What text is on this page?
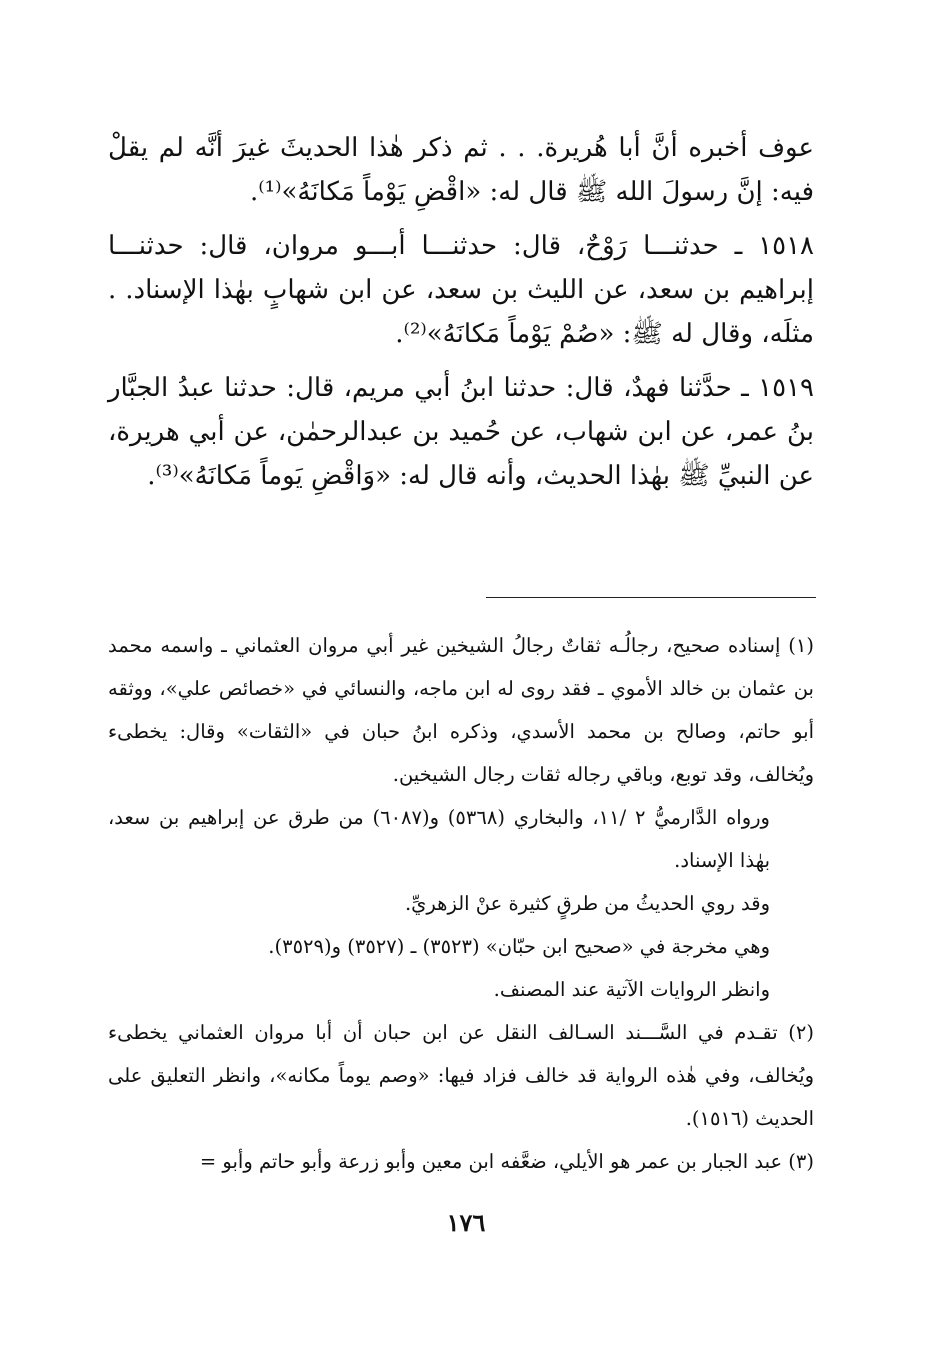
عوف أخبره أنَّ أبا هُريرة. . . ثم ذكر هٰذا الحديثَ غيرَ أنَّه لم يقلْ فيه: إنَّ رسولَ الله ﷺ قال له: «اقْضِ يَوْماً مَكانَهُ»⁽¹⁾.

١٥١٨ ـ حدثنـــا رَوْحٌ، قال: حدثنـــا أبـــو مروان، قال: حدثنـــا إبراهيم بن سعد، عن الليث بن سعد، عن ابن شهابٍ بهٰذا الإسناد. . مثلَه، وقال له ﷺ: «صُمْ يَوْماً مَكانَهُ»⁽²⁾.

١٥١٩ ـ حدَّثنا فهدٌ، قال: حدثنا ابنُ أبي مريم، قال: حدثنا عبدُ الجبَّار بنُ عمر، عن ابن شهاب، عن حُميد بن عبدالرحمٰن، عن أبي هريرة، عن النبيِّ ﷺ بهٰذا الحديث، وأنه قال له: «وَاقْضِ يَوماً مَكانَهُ»⁽³⁾.

(١) إسناده صحيح، رجالُـه ثقاتٌ رجالُ الشيخين غير أبي مروان العثماني ـ واسمه محمد بن عثمان بن خالد الأموي ـ فقد روى له ابن ماجه، والنسائي في «خصائص علي»، ووثقه أبو حاتم، وصالح بن محمد الأسدي، وذكره ابنُ حبان في «الثقات» وقال: يخطىء ويُخالف، وقد توبع، وباقي رجاله ثقات رجال الشيخين.

ورواه الدَّارميُّ ٢ /١١، والبخاري (٥٣٦٨) و(٦٠٨٧) من طرق عن إبراهيم بن سعد، بهٰذا الإسناد.

وقد روي الحديثُ من طرقٍ كثيرة عنْ الزهريِّ.

وهي مخرجة في «صحيح ابن حبّان» (٣٥٢٣) ـ (٣٥٢٧) و(٣٥٢٩).

وانظر الروايات الآتية عند المصنف.

(٢) تقـدم في السَّـــند السـالف النقل عن ابن حبان أن أبا مروان العثماني يخطىء ويُخالف، وفي هٰذه الرواية قد خالف فزاد فيها: «وصم يوماً مكانه»، وانظر التعليق على الحديث (١٥١٦).

(٣) عبد الجبار بن عمر هو الأيلي، ضعَّفه ابن معين وأبو زرعة وأبو حاتم وأبو =

١٧٦
